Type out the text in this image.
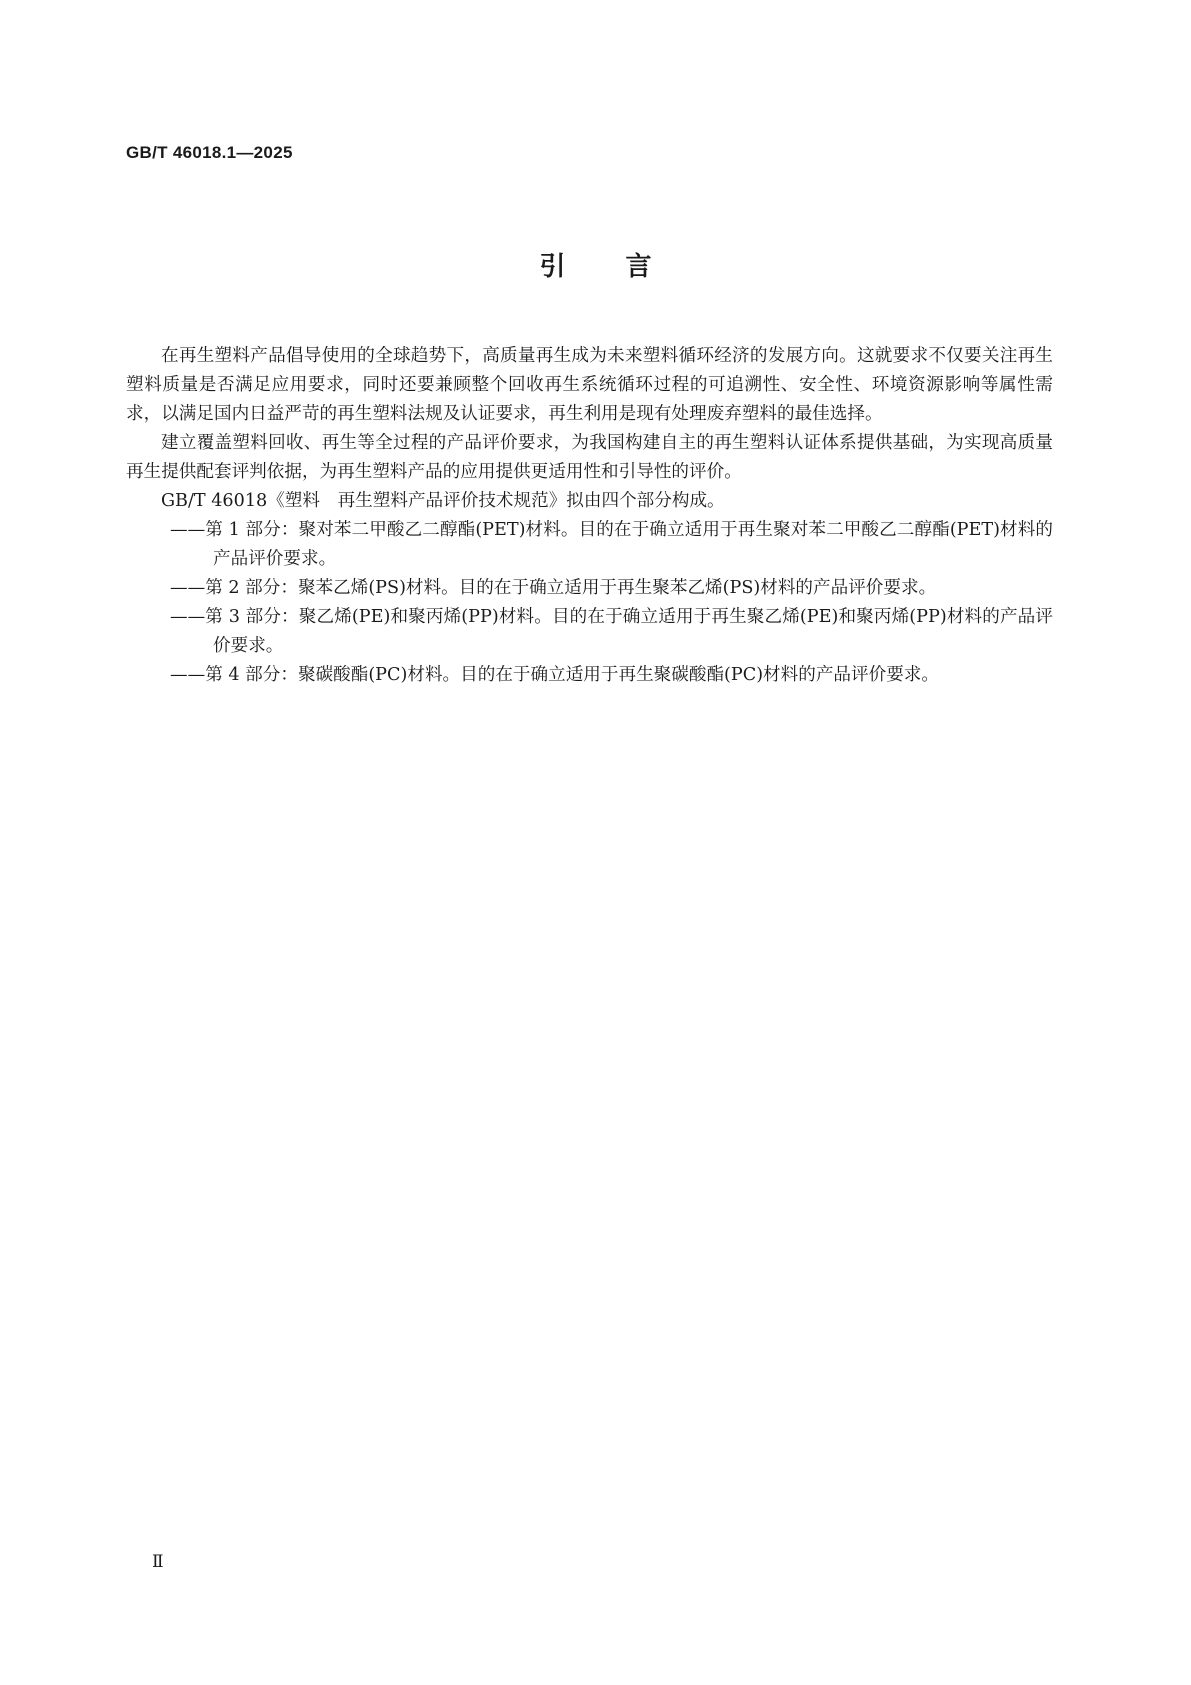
GB/T 46018.1—2025
引 言

在再生塑料产品倡导使用的全球趋势下，高质量再生成为未来塑料循环经济的发展方向。这就要求不仅要关注再生塑料质量是否满足应用要求，同时还要兼顾整个回收再生系统循环过程的可追溯性、安全性、环境资源影响等属性需求，以满足国内日益严苛的再生塑料法规及认证要求，再生利用是现有处理废弃塑料的最佳选择。

建立覆盖塑料回收、再生等全过程的产品评价要求，为我国构建自主的再生塑料认证体系提供基础，为实现高质量再生提供配套评判依据，为再生塑料产品的应用提供更适用性和引导性的评价。

GB/T 46018《塑料　再生塑料产品评价技术规范》拟由四个部分构成。

——第 1 部分：聚对苯二甲酸乙二醇酯(PET)材料。目的在于确立适用于再生聚对苯二甲酸乙二醇酯(PET)材料的产品评价要求。

——第 2 部分：聚苯乙烯(PS)材料。目的在于确立适用于再生聚苯乙烯(PS)材料的产品评价要求。

——第 3 部分：聚乙烯(PE)和聚丙烯(PP)材料。目的在于确立适用于再生聚乙烯(PE)和聚丙烯(PP)材料的产品评价要求。

——第 4 部分：聚碳酸酯(PC)材料。目的在于确立适用于再生聚碳酸酯(PC)材料的产品评价要求。

Ⅱ
